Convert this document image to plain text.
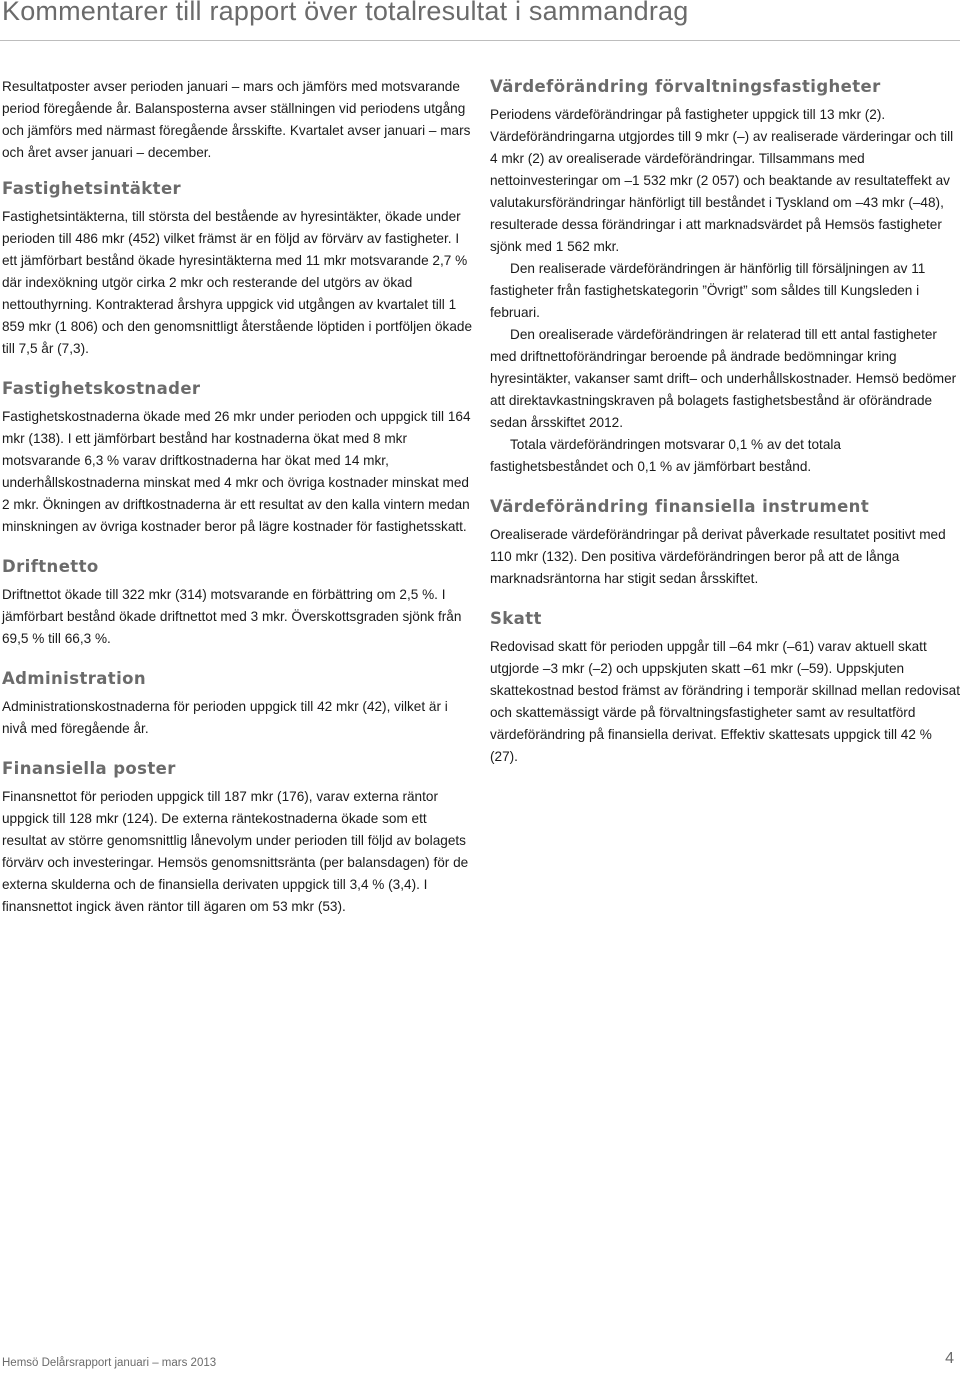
Kommentarer till rapport över totalresultat i sammandrag

Resultatposter avser perioden januari – mars och jämförs med motsvarande period föregående år. Balansposterna avser ställningen vid periodens utgång och jämförs med närmast föregående årsskifte. Kvartalet avser januari – mars och året avser januari – december.

Fastighetsintäkter

Fastighetsintäkterna, till största del bestående av hyresintäkter, ökade under perioden till 486 mkr (452) vilket främst är en följd av förvärv av fastigheter. I ett jämförbart bestånd ökade hyresintäkterna med 11 mkr motsvarande 2,7 % där indexökning utgör cirka 2 mkr och resterande del utgörs av ökad nettouthyrning. Kontrakterad årshyra uppgick vid utgången av kvartalet till 1 859 mkr (1 806) och den genomsnittligt återstående löptiden i portföljen ökade till 7,5 år (7,3).

Fastighetskostnader

Fastighetskostnaderna ökade med 26 mkr under perioden och uppgick till 164 mkr (138). I ett jämförbart bestånd har kostnaderna ökat med 8 mkr motsvarande 6,3 % varav driftkostnaderna har ökat med 14 mkr, underhållskostnaderna minskat med 4 mkr och övriga kostnader minskat med 2 mkr. Ökningen av driftkostnaderna är ett resultat av den kalla vintern medan minskningen av övriga kostnader beror på lägre kostnader för fastighetsskatt.

Driftnetto

Driftnettot ökade till 322 mkr (314) motsvarande en förbättring om 2,5 %. I jämförbart bestånd ökade driftnettot med 3 mkr. Överskottsgraden sjönk från 69,5 % till 66,3 %.

Administration

Administrationskostnaderna för perioden uppgick till 42 mkr (42), vilket är i nivå med föregående år.

Finansiella poster

Finansnettot för perioden uppgick till 187 mkr (176), varav externa räntor uppgick till 128 mkr (124). De externa räntekostnaderna ökade som ett resultat av större genomsnittlig lånevolym under perioden till följd av bolagets förvärv och investeringar. Hemsös genomsnittsränta (per balansdagen) för de externa skulderna och de finansiella derivaten uppgick till 3,4 % (3,4). I finansnettot ingick även räntor till ägaren om 53 mkr (53).

Värdeförändring förvaltningsfastigheter

Periodens värdeförändringar på fastigheter uppgick till 13 mkr (2). Värdeförändringarna utgjordes till 9 mkr (–) av realiserade värderingar och till 4 mkr (2) av orealiserade värdeförändringar. Tillsammans med nettoinvesteringar om –1 532 mkr (2 057) och beaktande av resultateffekt av valutakursförändringar hänförligt till beståndet i Tyskland om –43 mkr (–48), resulterade dessa förändringar i att marknadsvärdet på Hemsös fastigheter sjönk med 1 562 mkr.

Den realiserade värdeförändringen är hänförlig till försäljningen av 11 fastigheter från fastighetskategorin ”Övrigt” som såldes till Kungsleden i februari.

Den orealiserade värdeförändringen är relaterad till ett antal fastigheter med driftnettoförändringar beroende på ändrade bedömningar kring hyresintäkter, vakanser samt drift– och underhållskostnader. Hemsö bedömer att direktavkastningskraven på bolagets fastighetsbestånd är oförändrade sedan årsskiftet 2012.

Totala värdeförändringen motsvarar 0,1 % av det totala fastighetsbeståndet och 0,1 % av jämförbart bestånd.

Värdeförändring finansiella instrument

Orealiserade värdeförändringar på derivat påverkade resultatet positivt med 110 mkr (132). Den positiva värdeförändringen beror på att de långa marknadsräntorna har stigit sedan årsskiftet.

Skatt

Redovisad skatt för perioden uppgår till –64 mkr (–61) varav aktuell skatt utgjorde –3 mkr (–2) och uppskjuten skatt –61 mkr (–59). Uppskjuten skattekostnad bestod främst av förändring i temporär skillnad mellan redovisat och skattemässigt värde på förvaltningsfastigheter samt av resultatförd värdeförändring på finansiella derivat. Effektiv skattesats uppgick till 42 % (27).

Hemsö Delårsrapport januari – mars 2013	4
